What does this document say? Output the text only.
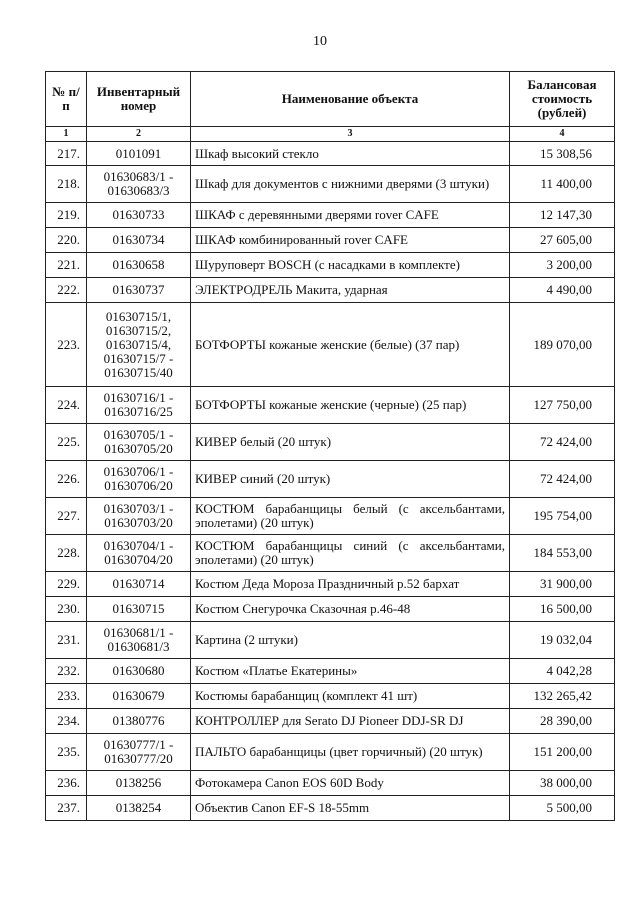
10
№ п/п	Инвентарный номер	Наименование объекта	Балансовая стоимость (рублей)
1	2	3	4
217.	0101091	Шкаф высокий стекло	15 308,56
218.	01630683/1 - 01630683/3	Шкаф для документов с нижними дверями (3 штуки)	11 400,00
219.	01630733	ШКАФ с деревянными дверями rover CAFE	12 147,30
220.	01630734	ШКАФ комбинированный rover CAFE	27 605,00
221.	01630658	Шуруповерт BOSCH (с насадками в комплекте)	3 200,00
222.	01630737	ЭЛЕКТРОДРЕЛЬ Макита, ударная	4 490,00
223.	01630715/1, 01630715/2, 01630715/4, 01630715/7 - 01630715/40	БОТФОРТЫ кожаные женские (белые) (37 пар)	189 070,00
224.	01630716/1 - 01630716/25	БОТФОРТЫ кожаные женские (черные) (25 пар)	127 750,00
225.	01630705/1 - 01630705/20	КИВЕР белый (20 штук)	72 424,00
226.	01630706/1 - 01630706/20	КИВЕР синий (20 штук)	72 424,00
227.	01630703/1 - 01630703/20	КОСТЮМ барабанщицы белый (с аксельбантами, эполетами) (20 штук)	195 754,00
228.	01630704/1 - 01630704/20	КОСТЮМ барабанщицы синий (с аксельбантами, эполетами) (20 штук)	184 553,00
229.	01630714	Костюм Деда Мороза Праздничный р.52 бархат	31 900,00
230.	01630715	Костюм Снегурочка Сказочная р.46-48	16 500,00
231.	01630681/1 - 01630681/3	Картина (2 штуки)	19 032,04
232.	01630680	Костюм «Платье Екатерины»	4 042,28
233.	01630679	Костюмы барабанщиц (комплект 41 шт)	132 265,42
234.	01380776	КОНТРОЛЛЕР для Serato DJ Pioneer DDJ-SR DJ	28 390,00
235.	01630777/1 - 01630777/20	ПАЛЬТО барабанщицы (цвет горчичный) (20 штук)	151 200,00
236.	0138256	Фотокамера Canon EOS 60D Body	38 000,00
237.	0138254	Объектив Canon EF-S 18-55mm	5 500,00
